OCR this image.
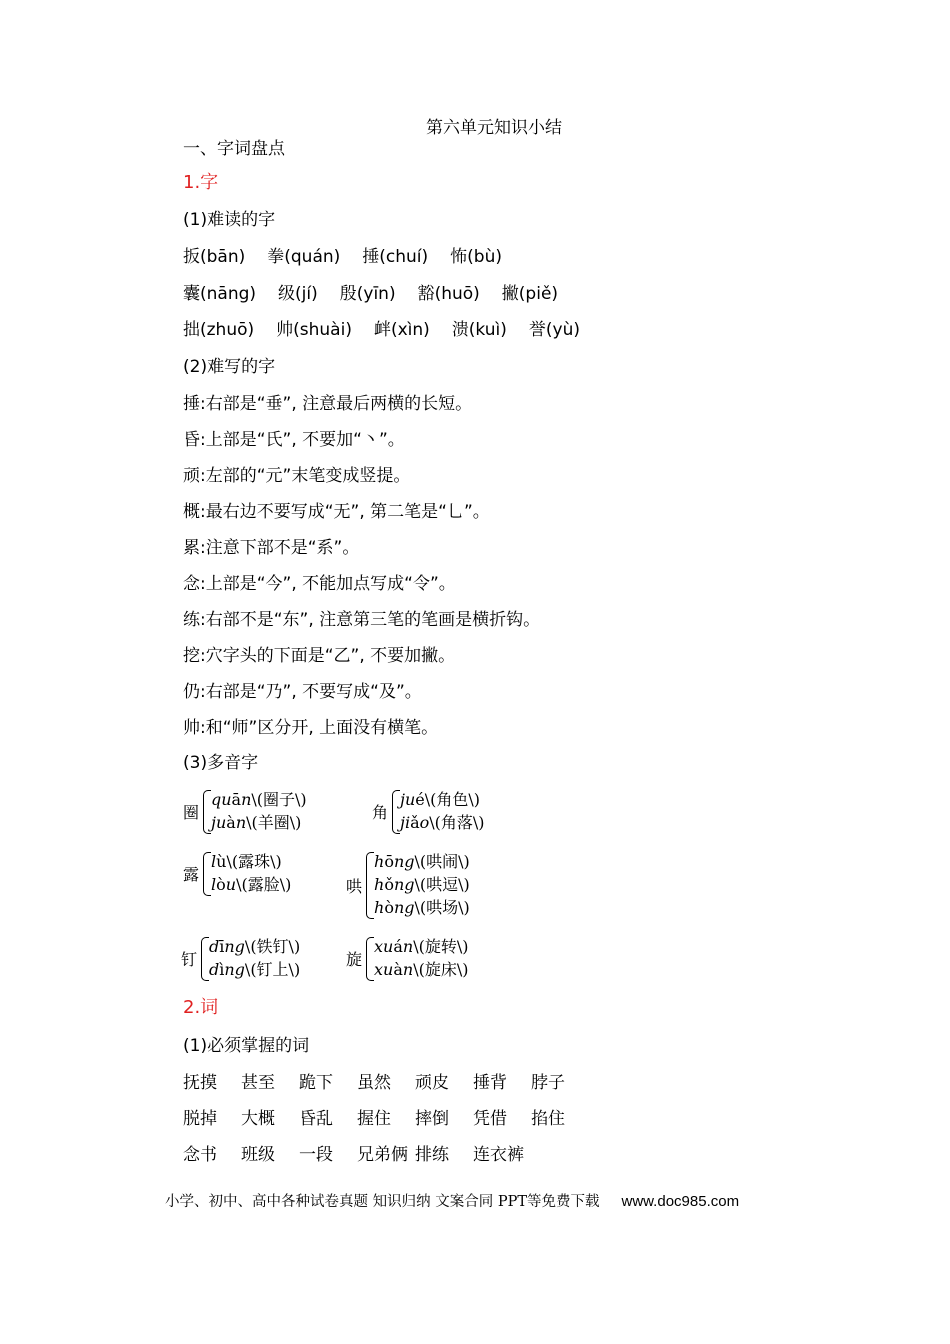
第六单元知识小结
一、字词盘点
1.字
(1)难读的字
扳(bān) 拳(quán) 捶(chuí) 怖(bù)
囊(nāng) 级(jí) 殷(yīn) 豁(huō) 撇(piě)
拙(zhuō) 帅(shuài) 衅(xìn) 溃(kuì) 誉(yù)
(2)难写的字
捶:右部是“垂”, 注意最后两横的长短。
昏:上部是“氏”, 不要加“丶”。
顽:左部的“元”末笔变成竖提。
概:最右边不要写成“无”, 第二笔是“乚”。
累:注意下部不是“系”。
念:上部是“今”, 不能加点写成“令”。
练:右部不是“东”, 注意第三笔的笔画是横折钩。
挖:穴字头的下面是“乙”, 不要加撇。
仍:右部是“乃”, 不要写成“及”。
帅:和“师”区分开, 上面没有横笔。
(3)多音字
圈
quān\(圈子\)
juàn\(羊圈\)
角
jué\(角色\)
jiǎo\(角落\)
露
lù\(露珠\)
lòu\(露脸\)	哄
hōng\(哄闹\)
hǒng\(哄逗\)
hòng\(哄场\)
钉
dīng\(铁钉\)
dìng\(钉上\)
旋
xuán\(旋转\)
xuàn\(旋床\)
2.词
(1)必须掌握的词
抚摸 甚至 跪下 虽然 顽皮 捶背 脖子
脱掉 大概 昏乱 握住 摔倒 凭借 掐住
念书 班级 一段 兄弟俩 排练 连衣裤
小学、初中、高中各种试卷真题 知识归纳 文案合同 PPT等免费下载 www.doc985.com
